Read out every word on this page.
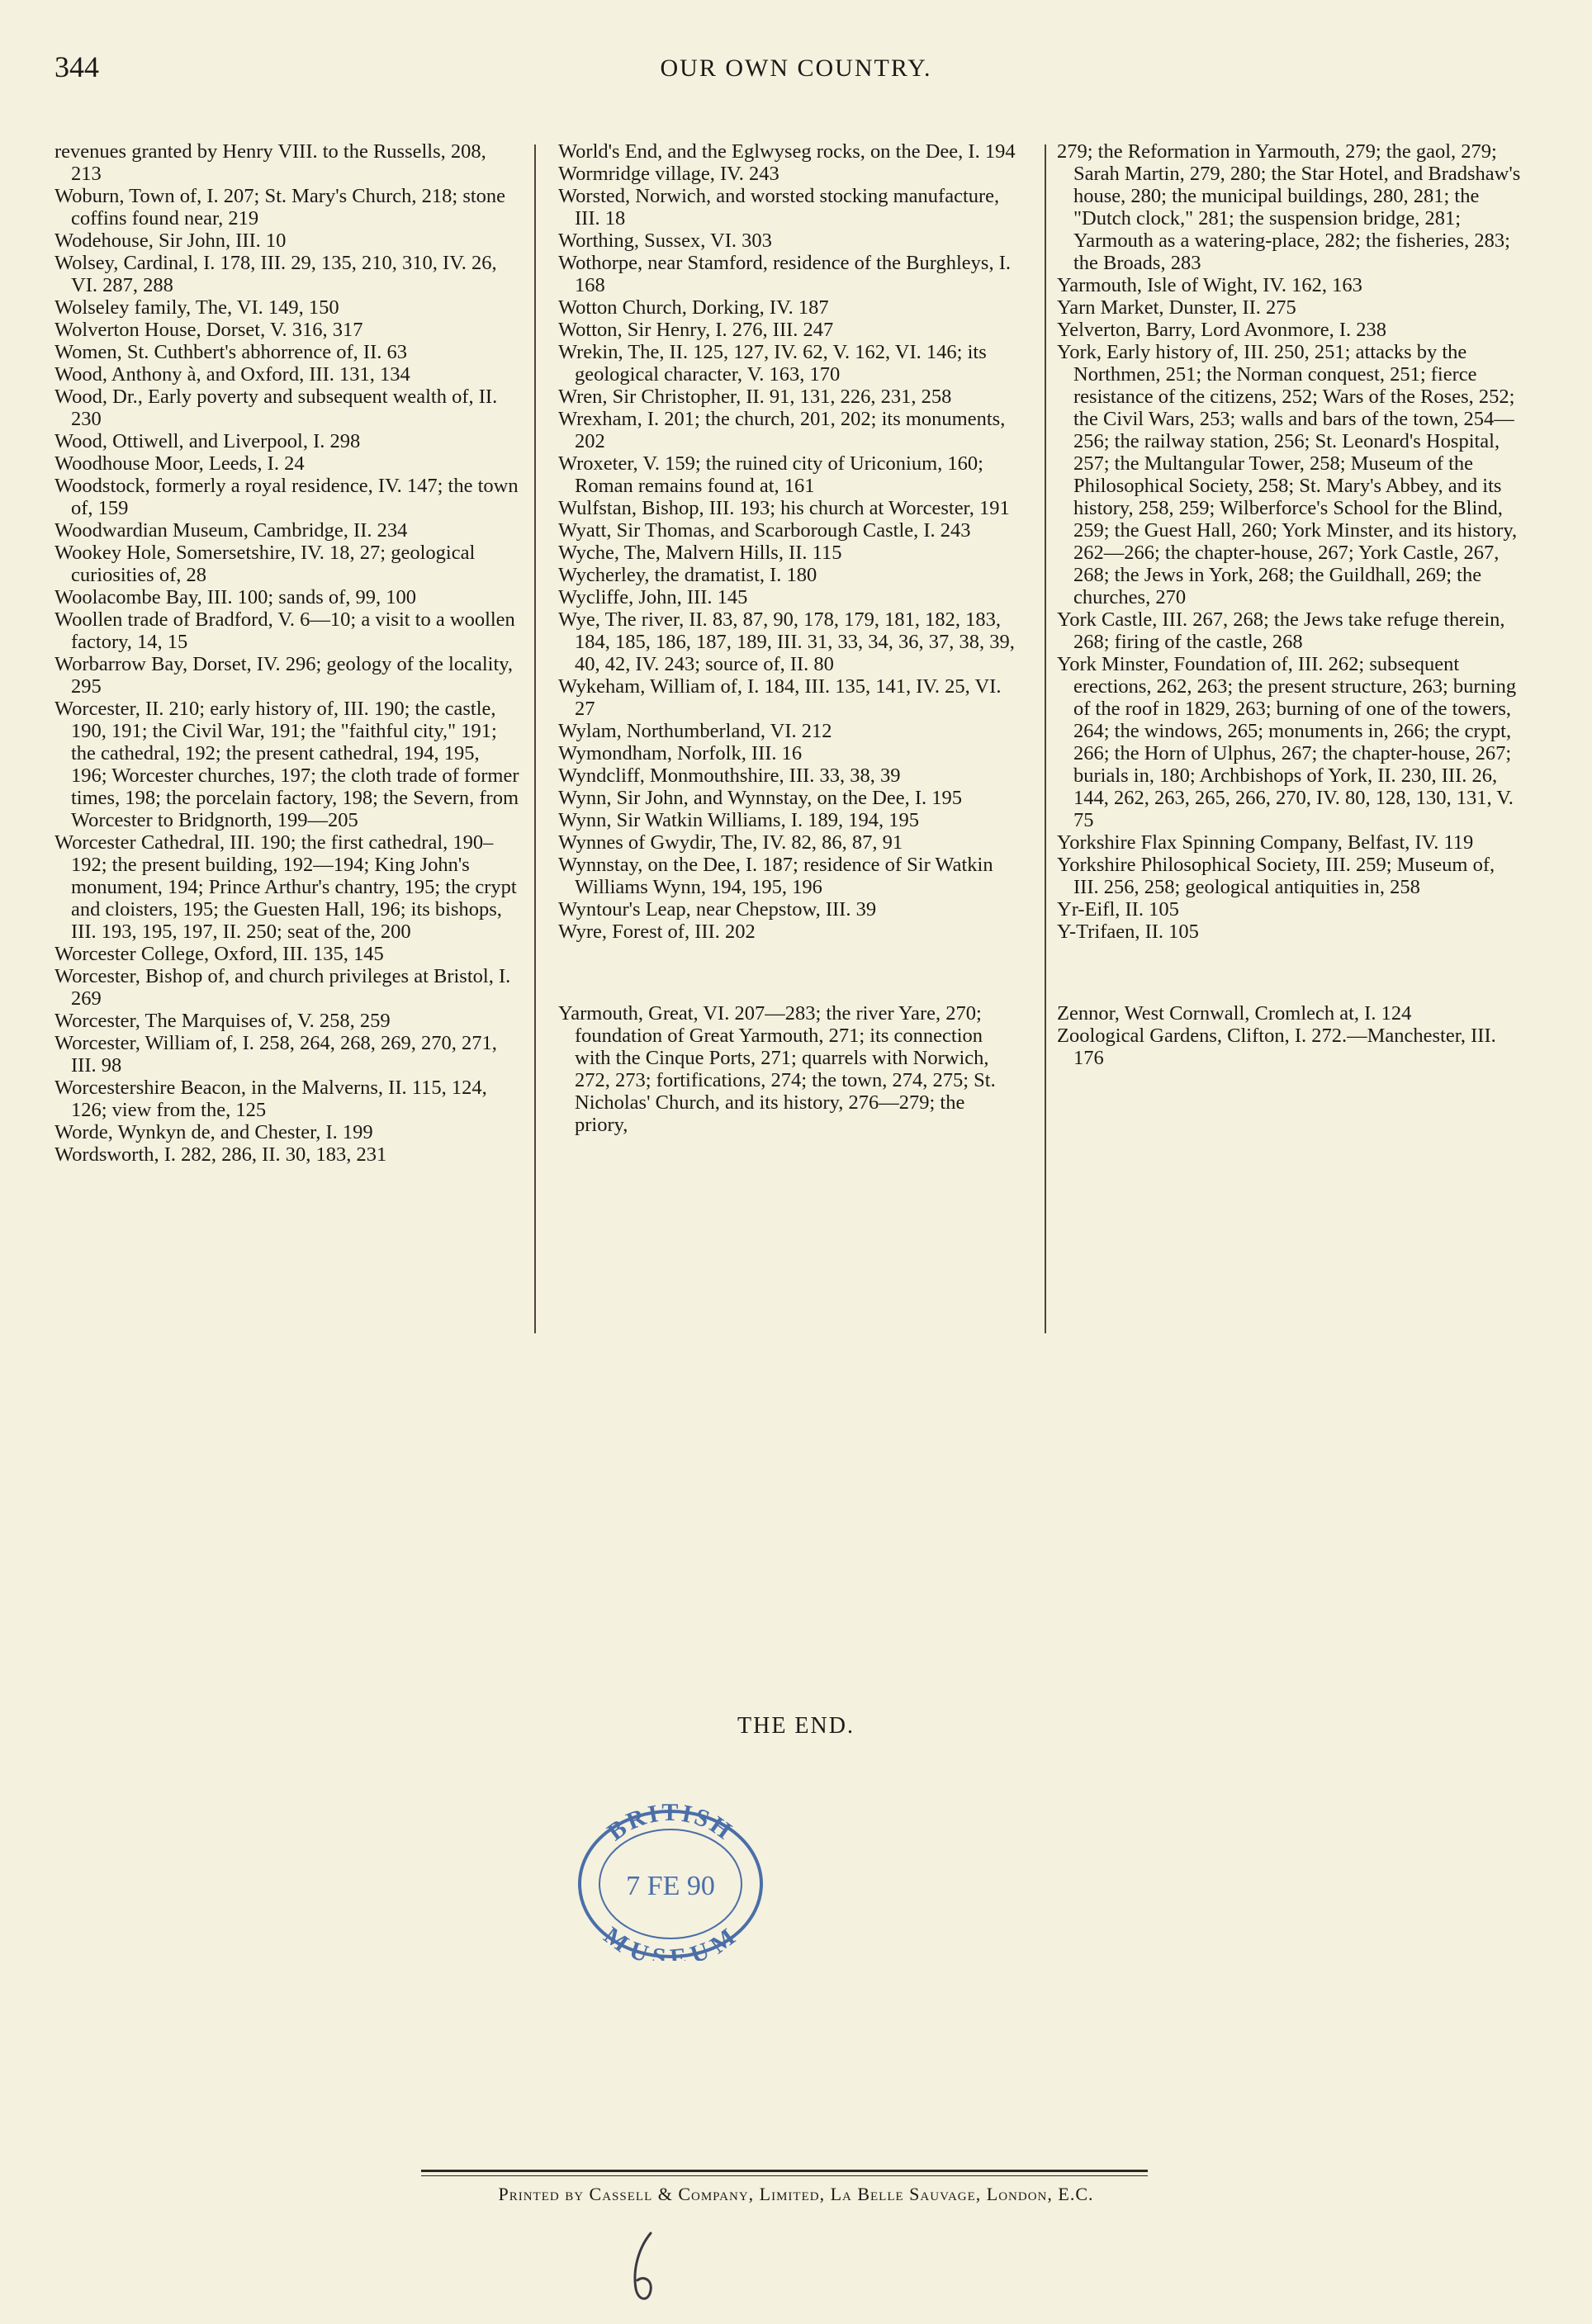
344	OUR OWN COUNTRY.

revenues granted by Henry VIII. to the Russells, 208, 213

Woburn, Town of, I. 207; St. Mary's Church, 218; stone coffins found near, 219

Wodehouse, Sir John, III. 10

Wolsey, Cardinal, I. 178, III. 29, 135, 210, 310, IV. 26, VI. 287, 288

Wolseley family, The, VI. 149, 150

Wolverton House, Dorset, V. 316, 317

Women, St. Cuthbert's abhorrence of, II. 63

Wood, Anthony à, and Oxford, III. 131, 134

Wood, Dr., Early poverty and subsequent wealth of, II. 230

Wood, Ottiwell, and Liverpool, I. 298

Woodhouse Moor, Leeds, I. 24

Woodstock, formerly a royal residence, IV. 147; the town of, 159

Woodwardian Museum, Cambridge, II. 234

Wookey Hole, Somersetshire, IV. 18, 27; geological curiosities of, 28

Woolacombe Bay, III. 100; sands of, 99, 100

Woollen trade of Bradford, V. 6—10; a visit to a woollen factory, 14, 15

Worbarrow Bay, Dorset, IV. 296; geology of the locality, 295

Worcester, II. 210; early history of, III. 190; the castle, 190, 191; the Civil War, 191; the "faithful city," 191; the cathedral, 192; the present cathedral, 194, 195, 196; Worcester churches, 197; the cloth trade of former times, 198; the porcelain factory, 198; the Severn, from Worcester to Bridgnorth, 199—205

Worcester Cathedral, III. 190; the first cathedral, 190–192; the present building, 192—194; King John's monument, 194; Prince Arthur's chantry, 195; the crypt and cloisters, 195; the Guesten Hall, 196; its bishops, III. 193, 195, 197, II. 250; seat of the, 200

Worcester College, Oxford, III. 135, 145

Worcester, Bishop of, and church privileges at Bristol, I. 269

Worcester, The Marquises of, V. 258, 259

Worcester, William of, I. 258, 264, 268, 269, 270, 271, III. 98

Worcestershire Beacon, in the Malverns, II. 115, 124, 126; view from the, 125

Worde, Wynkyn de, and Chester, I. 199

Wordsworth, I. 282, 286, II. 30, 183, 231

World's End, and the Eglwyseg rocks, on the Dee, I. 194

Wormridge village, IV. 243

Worsted, Norwich, and worsted stocking manufacture, III. 18

Worthing, Sussex, VI. 303

Wothorpe, near Stamford, residence of the Burghleys, I. 168

Wotton Church, Dorking, IV. 187

Wotton, Sir Henry, I. 276, III. 247

Wrekin, The, II. 125, 127, IV. 62, V. 162, VI. 146; its geological character, V. 163, 170

Wren, Sir Christopher, II. 91, 131, 226, 231, 258

Wrexham, I. 201; the church, 201, 202; its monuments, 202

Wroxeter, V. 159; the ruined city of Uriconium, 160; Roman remains found at, 161

Wulfstan, Bishop, III. 193; his church at Worcester, 191

Wyatt, Sir Thomas, and Scarborough Castle, I. 243

Wyche, The, Malvern Hills, II. 115

Wycherley, the dramatist, I. 180

Wycliffe, John, III. 145

Wye, The river, II. 83, 87, 90, 178, 179, 181, 182, 183, 184, 185, 186, 187, 189, III. 31, 33, 34, 36, 37, 38, 39, 40, 42, IV. 243; source of, II. 80

Wykeham, William of, I. 184, III. 135, 141, IV. 25, VI. 27

Wylam, Northumberland, VI. 212

Wymondham, Norfolk, III. 16

Wyndcliff, Monmouthshire, III. 33, 38, 39

Wynn, Sir John, and Wynnstay, on the Dee, I. 195

Wynn, Sir Watkin Williams, I. 189, 194, 195

Wynnes of Gwydir, The, IV. 82, 86, 87, 91

Wynnstay, on the Dee, I. 187; residence of Sir Watkin Williams Wynn, 194, 195, 196

Wyntour's Leap, near Chepstow, III. 39

Wyre, Forest of, III. 202

Yarmouth, Great, VI. 207—283; the river Yare, 270; foundation of Great Yarmouth, 271; its connection with the Cinque Ports, 271; quarrels with Norwich, 272, 273; fortifications, 274; the town, 274, 275; St. Nicholas' Church, and its history, 276—279; the priory,

279; the Reformation in Yarmouth, 279; the gaol, 279; Sarah Martin, 279, 280; the Star Hotel, and Bradshaw's house, 280; the municipal buildings, 280, 281; the "Dutch clock," 281; the suspension bridge, 281; Yarmouth as a watering-place, 282; the fisheries, 283; the Broads, 283

Yarmouth, Isle of Wight, IV. 162, 163

Yarn Market, Dunster, II. 275

Yelverton, Barry, Lord Avonmore, I. 238

York, Early history of, III. 250, 251; attacks by the Northmen, 251; the Norman conquest, 251; fierce resistance of the citizens, 252; Wars of the Roses, 252; the Civil Wars, 253; walls and bars of the town, 254—256; the railway station, 256; St. Leonard's Hospital, 257; the Multangular Tower, 258; Museum of the Philosophical Society, 258; St. Mary's Abbey, and its history, 258, 259; Wilberforce's School for the Blind, 259; the Guest Hall, 260; York Minster, and its history, 262—266; the chapter-house, 267; York Castle, 267, 268; the Jews in York, 268; the Guildhall, 269; the churches, 270

York Castle, III. 267, 268; the Jews take refuge therein, 268; firing of the castle, 268

York Minster, Foundation of, III. 262; subsequent erections, 262, 263; the present structure, 263; burning of the roof in 1829, 263; burning of one of the towers, 264; the windows, 265; monuments in, 266; the crypt, 266; the Horn of Ulphus, 267; the chapter-house, 267; burials in, 180; Archbishops of York, II. 230, III. 26, 144, 262, 263, 265, 266, 270, IV. 80, 128, 130, 131, V. 75

Yorkshire Flax Spinning Company, Belfast, IV. 119

Yorkshire Philosophical Society, III. 259; Museum of, III. 256, 258; geological antiquities in, 258

Yr-Eifl, II. 105

Y-Trifaen, II. 105

Zennor, West Cornwall, Cromlech at, I. 124

Zoological Gardens, Clifton, I. 272.—Manchester, III. 176

THE END.
BRITISH
7 FE 90
MUSEUM
Printed by Cassell & Company, Limited, La Belle Sauvage, London, E.C.
